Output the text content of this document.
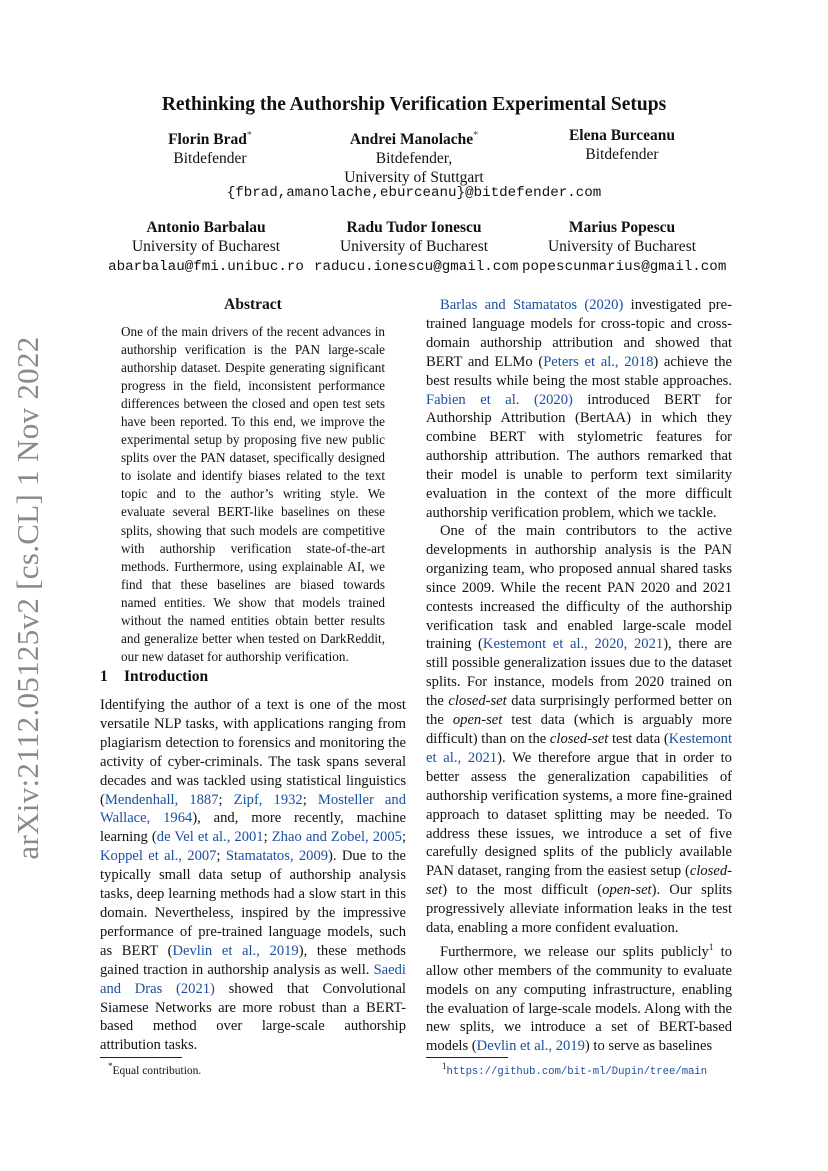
arXiv:2112.05125v2 [cs.CL] 1 Nov 2022
Rethinking the Authorship Verification Experimental Setups
Florin Brad*
Bitdefender
Andrei Manolache*
Bitdefender,
University of Stuttgart
Elena Burceanu
Bitdefender
{fbrad,amanolache,eburceanu}@bitdefender.com
Antonio Barbalau
University of Bucharest
Radu Tudor Ionescu
University of Bucharest
Marius Popescu
University of Bucharest
abarbalau@fmi.unibuc.ro raducu.ionescu@gmail.com popescunmarius@gmail.com
Abstract

One of the main drivers of the recent advances in authorship verification is the PAN large-scale authorship dataset. Despite generating significant progress in the field, inconsistent performance differences between the closed and open test sets have been reported. To this end, we improve the experimental setup by proposing five new public splits over the PAN dataset, specifically designed to isolate and identify biases related to the text topic and to the author’s writing style. We evaluate several BERT-like baselines on these splits, showing that such models are competitive with authorship verification state-of-the-art methods. Furthermore, using explainable AI, we find that these baselines are biased towards named entities. We show that models trained without the named entities obtain better results and generalize better when tested on DarkReddit, our new dataset for authorship verification.

1 Introduction

Identifying the author of a text is one of the most versatile NLP tasks, with applications ranging from plagiarism detection to forensics and monitoring the activity of cyber-criminals. The task spans several decades and was tackled using statistical linguistics (Mendenhall, 1887; Zipf, 1932; Mosteller and Wallace, 1964), and, more recently, machine learning (de Vel et al., 2001; Zhao and Zobel, 2005; Koppel et al., 2007; Stamatatos, 2009). Due to the typically small data setup of authorship analysis tasks, deep learning methods had a slow start in this domain. Nevertheless, inspired by the impressive performance of pre-trained language models, such as BERT (Devlin et al., 2019), these methods gained traction in authorship analysis as well. Saedi and Dras (2021) showed that Convolutional Siamese Networks are more robust than a BERT-based method over large-scale authorship attribution tasks.

Barlas and Stamatatos (2020) investigated pre-trained language models for cross-topic and cross-domain authorship attribution and showed that BERT and ELMo (Peters et al., 2018) achieve the best results while being the most stable approaches. Fabien et al. (2020) introduced BERT for Authorship Attribution (BertAA) in which they combine BERT with stylometric features for authorship attribution. The authors remarked that their model is unable to perform text similarity evaluation in the context of the more difficult authorship verification problem, which we tackle.

One of the main contributors to the active developments in authorship analysis is the PAN organizing team, who proposed annual shared tasks since 2009. While the recent PAN 2020 and 2021 contests increased the difficulty of the authorship verification task and enabled large-scale model training (Kestemont et al., 2020, 2021), there are still possible generalization issues due to the dataset splits. For instance, models from 2020 trained on the closed-set data surprisingly performed better on the open-set test data (which is arguably more difficult) than on the closed-set test data (Kestemont et al., 2021). We therefore argue that in order to better assess the generalization capabilities of authorship verification systems, a more fine-grained approach to dataset splitting may be needed. To address these issues, we introduce a set of five carefully designed splits of the publicly available PAN dataset, ranging from the easiest setup (closed-set) to the most difficult (open-set). Our splits progressively alleviate information leaks in the test data, enabling a more confident evaluation.

Furthermore, we release our splits publicly$^1$ to allow other members of the community to evaluate models on any computing infrastructure, enabling the evaluation of large-scale models. Along with the new splits, we introduce a set of BERT-based models (Devlin et al., 2019) to serve as baselines

*Equal contribution.	$^1$https://github.com/bit-ml/Dupin/tree/main
